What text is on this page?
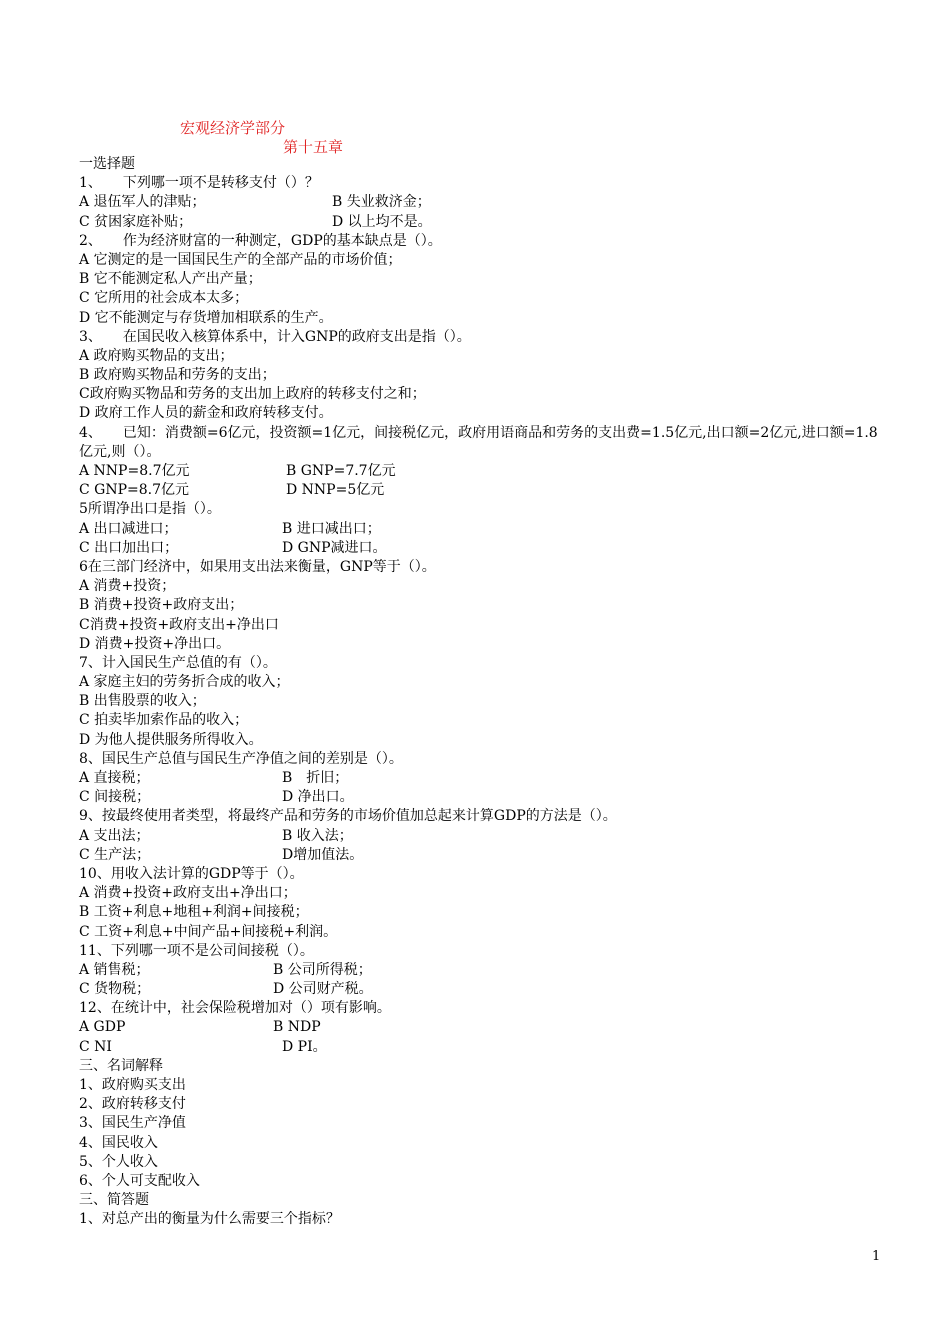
宏观经济学部分
第十五章
一选择题
1、　　下列哪一项不是转移支付（）？
A 退伍军人的津贴；	B 失业救济金；
C 贫困家庭补贴；	D 以上均不是。
2、　　作为经济财富的一种测定，GDP的基本缺点是（）。
A 它测定的是一国国民生产的全部产品的市场价值；
B 它不能测定私人产出产量；
C 它所用的社会成本太多；
D 它不能测定与存货增加相联系的生产。
3、　　在国民收入核算体系中，计入GNP的政府支出是指（）。
A 政府购买物品的支出；
B 政府购买物品和劳务的支出；
C政府购买物品和劳务的支出加上政府的转移支付之和；
D 政府工作人员的薪金和政府转移支付。
4、　　已知：消费额=6亿元，投资额=1亿元，间接税亿元，政府用语商品和劳务的支出费=1.5亿元,出口额=2亿元,进口额=1.8亿元,则（）。
A NNP=8.7亿元	B GNP=7.7亿元
C GNP=8.7亿元	D NNP=5亿元
5所谓净出口是指（）。
A 出口减进口；	B 进口减出口；
C 出口加出口；	D GNP减进口。
6在三部门经济中，如果用支出法来衡量，GNP等于（）。
A 消费+投资；
B 消费+投资+政府支出；
C消费+投资+政府支出+净出口
D 消费+投资+净出口。
7、计入国民生产总值的有（）。
A 家庭主妇的劳务折合成的收入；
B 出售股票的收入；
C 拍卖毕加索作品的收入；
D 为他人提供服务所得收入。
8、国民生产总值与国民生产净值之间的差别是（）。
A 直接税；	B　折旧；
C 间接税；	D 净出口。
9、按最终使用者类型，将最终产品和劳务的市场价值加总起来计算GDP的方法是（）。
A 支出法；	B 收入法；
C 生产法；	D增加值法。
10、用收入法计算的GDP等于（）。
A 消费+投资+政府支出+净出口；
B 工资+利息+地租+利润+间接税；
C 工资+利息+中间产品+间接税+利润。
11、下列哪一项不是公司间接税（）。
A 销售税；	B 公司所得税；
C 货物税；	D 公司财产税。
12、在统计中，社会保险税增加对（）项有影响。
A GDP	B NDP
C NI	D PI。
三、名词解释
1、政府购买支出
2、政府转移支付
3、国民生产净值
4、国民收入
5、个人收入
6、个人可支配收入
三、简答题
1、对总产出的衡量为什么需要三个指标？
1
